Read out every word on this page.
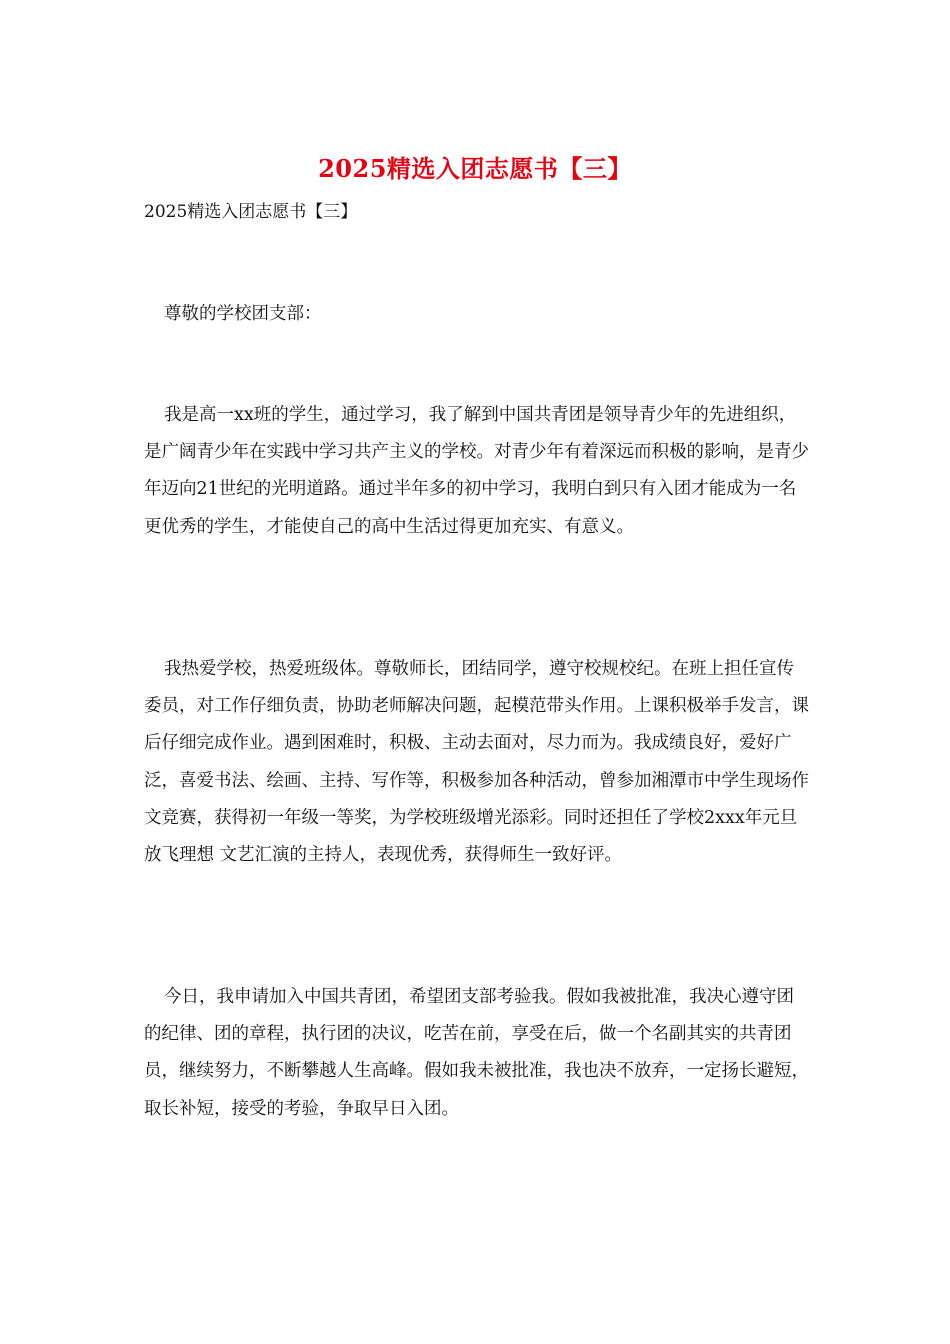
2025精选入团志愿书【三】

2025精选入团志愿书【三】

尊敬的学校团支部：

我是高一xx班的学生，通过学习，我了解到中国共青团是领导青少年的先进组织，是广阔青少年在实践中学习共产主义的学校。对青少年有着深远而积极的影响，是青少年迈向21世纪的光明道路。通过半年多的初中学习，我明白到只有入团才能成为一名更优秀的学生，才能使自己的高中生活过得更加充实、有意义。

我热爱学校，热爱班级体。尊敬师长，团结同学，遵守校规校纪。在班上担任宣传委员，对工作仔细负责，协助老师解决问题，起模范带头作用。上课积极举手发言，课后仔细完成作业。遇到困难时，积极、主动去面对，尽力而为。我成绩良好，爱好广泛，喜爱书法、绘画、主持、写作等，积极参加各种活动，曾参加湘潭市中学生现场作文竞赛，获得初一年级一等奖，为学校班级增光添彩。同时还担任了学校2xxx年元旦 放飞理想 文艺汇演的主持人，表现优秀，获得师生一致好评。

今日，我申请加入中国共青团，希望团支部考验我。假如我被批准，我决心遵守团的纪律、团的章程，执行团的决议，吃苦在前，享受在后，做一个名副其实的共青团员，继续努力，不断攀越人生高峰。假如我未被批准，我也决不放弃，一定扬长避短，取长补短，接受的考验，争取早日入团。
